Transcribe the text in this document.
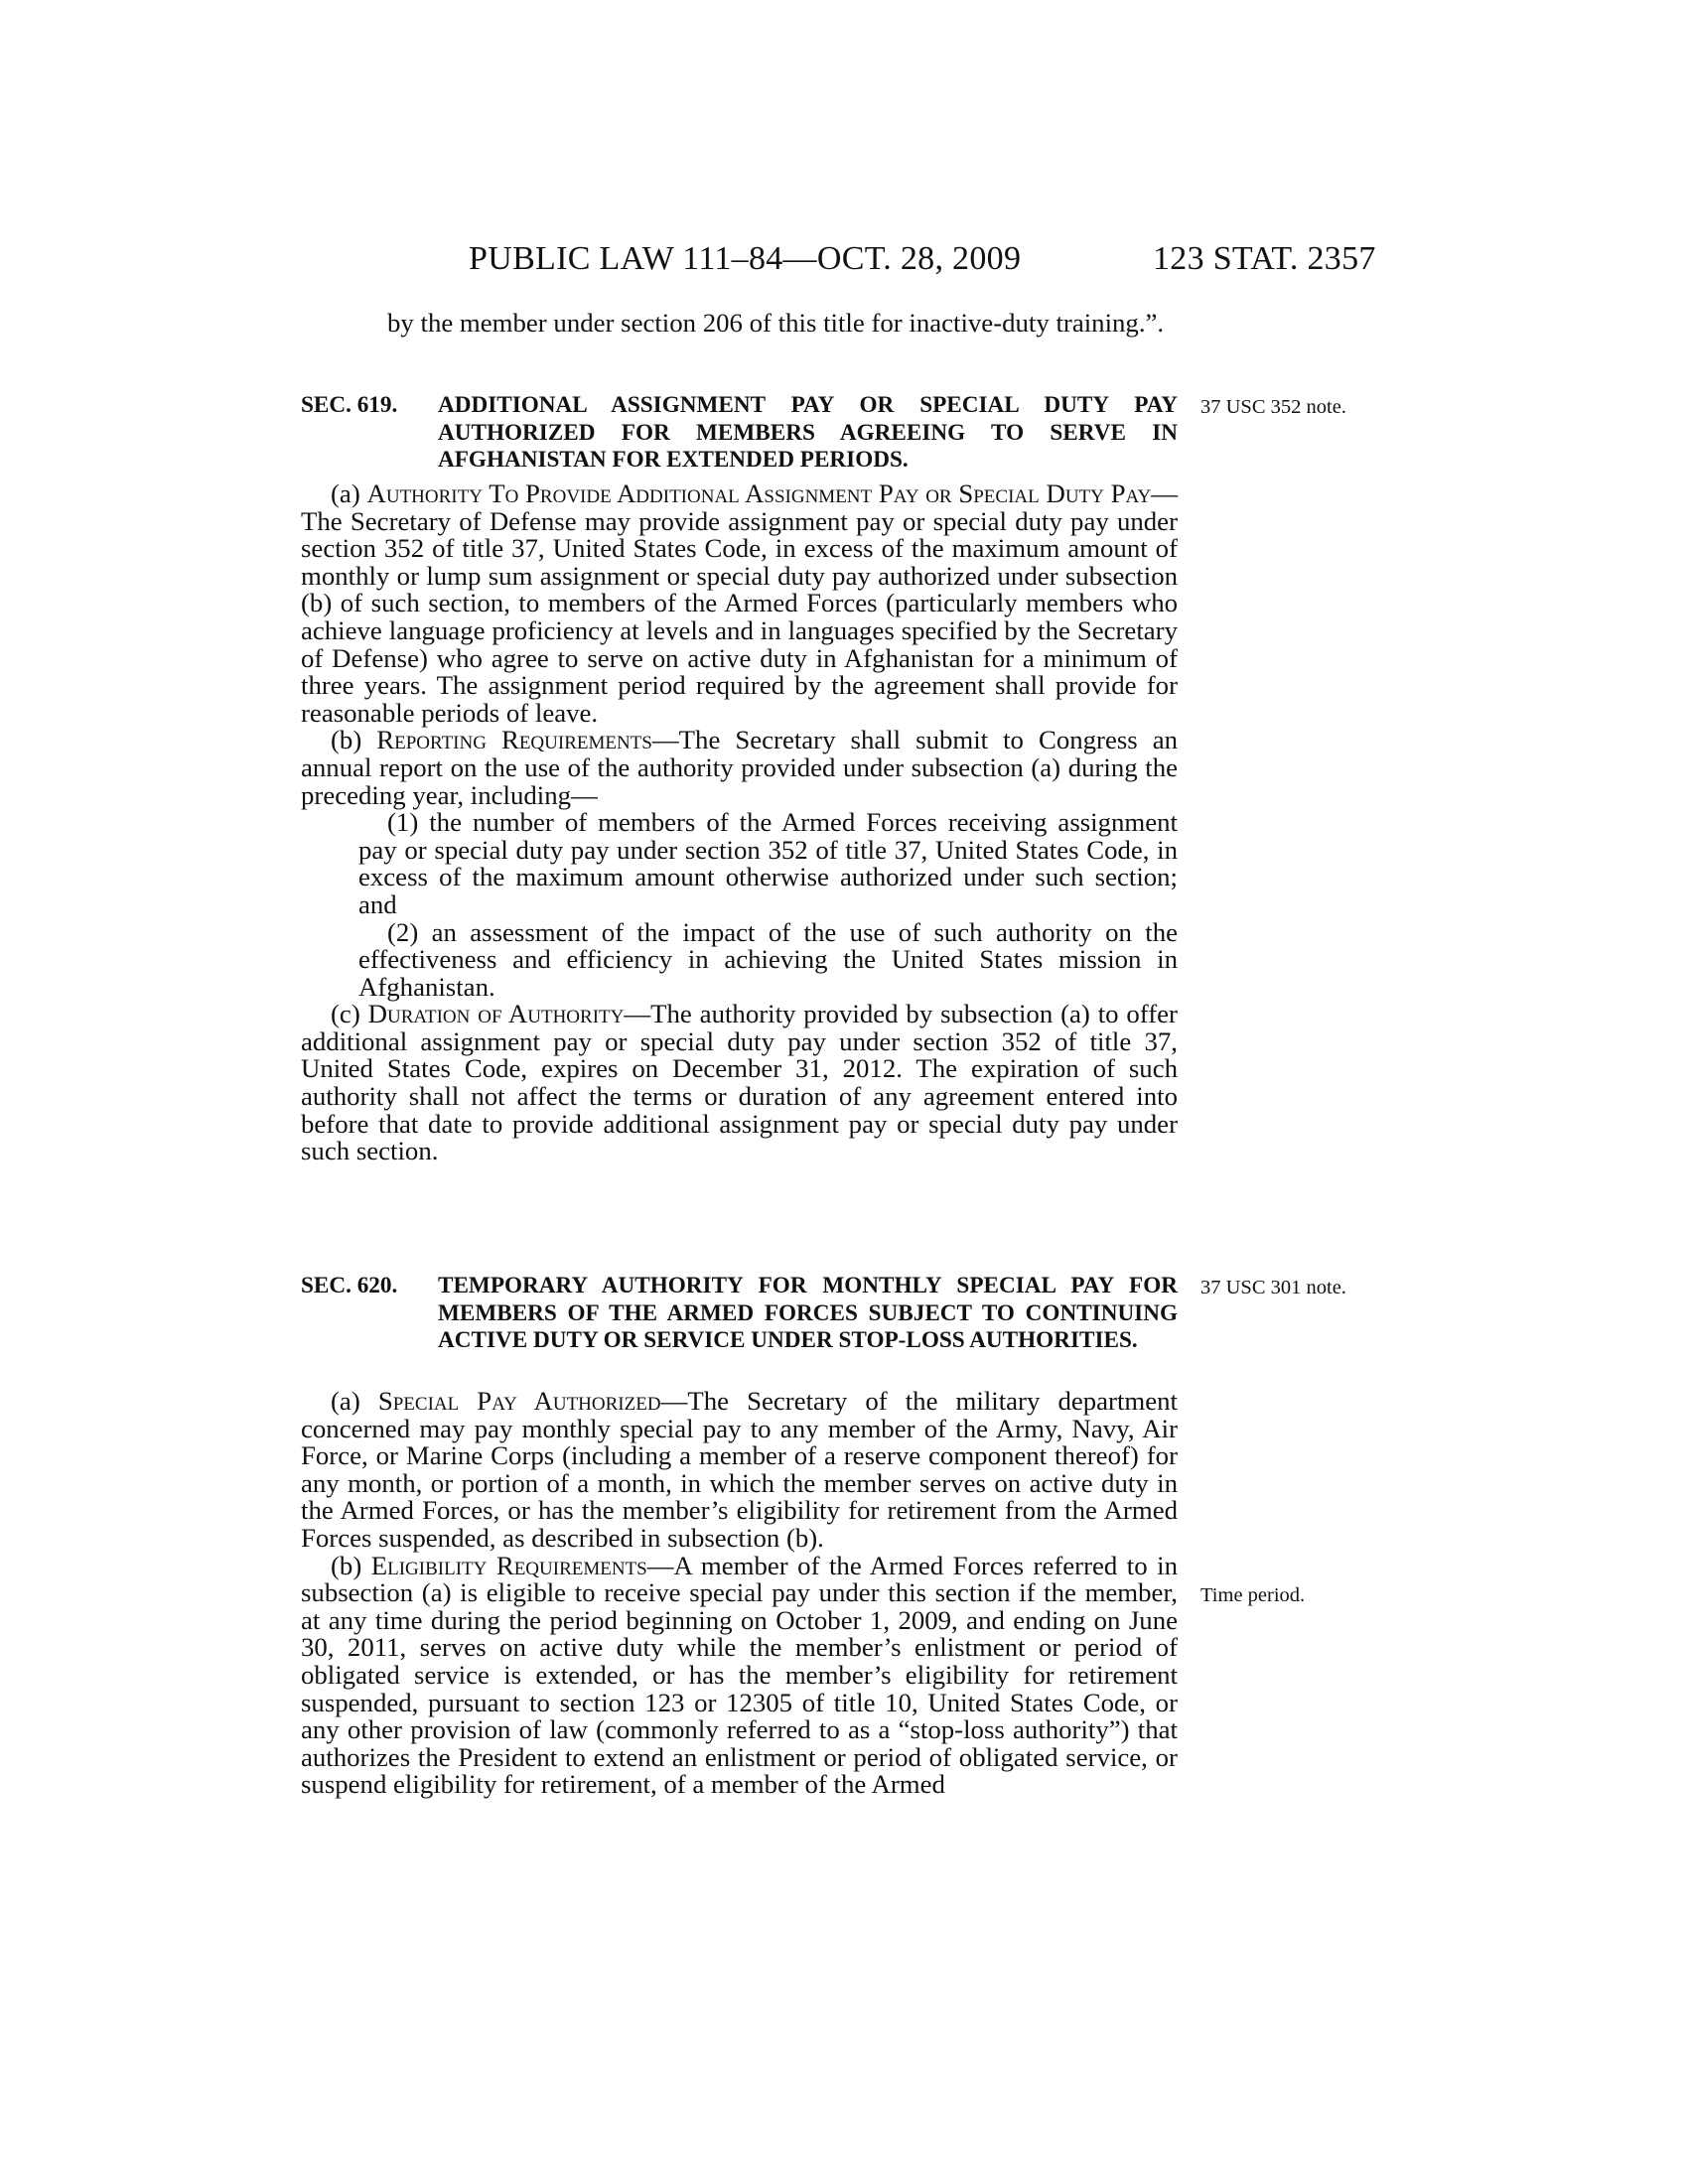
PUBLIC LAW 111–84—OCT. 28, 2009	123 STAT. 2357

by the member under section 206 of this title for inactive-duty training.”.

SEC. 619.	ADDITIONAL ASSIGNMENT PAY OR SPECIAL DUTY PAY AUTHORIZED FOR MEMBERS AGREEING TO SERVE IN AFGHANISTAN FOR EXTENDED PERIODS.
37 USC 352 note.

(a) Authority To Provide Additional Assignment Pay or Special Duty Pay—The Secretary of Defense may provide assignment pay or special duty pay under section 352 of title 37, United States Code, in excess of the maximum amount of monthly or lump sum assignment or special duty pay authorized under subsection (b) of such section, to members of the Armed Forces (particularly members who achieve language proficiency at levels and in languages specified by the Secretary of Defense) who agree to serve on active duty in Afghanistan for a minimum of three years. The assignment period required by the agreement shall provide for reasonable periods of leave.

(b) Reporting Requirements—The Secretary shall submit to Congress an annual report on the use of the authority provided under subsection (a) during the preceding year, including—

(1) the number of members of the Armed Forces receiving assignment pay or special duty pay under section 352 of title 37, United States Code, in excess of the maximum amount otherwise authorized under such section; and

(2) an assessment of the impact of the use of such authority on the effectiveness and efficiency in achieving the United States mission in Afghanistan.

(c) Duration of Authority—The authority provided by subsection (a) to offer additional assignment pay or special duty pay under section 352 of title 37, United States Code, expires on December 31, 2012. The expiration of such authority shall not affect the terms or duration of any agreement entered into before that date to provide additional assignment pay or special duty pay under such section.

SEC. 620.	TEMPORARY AUTHORITY FOR MONTHLY SPECIAL PAY FOR MEMBERS OF THE ARMED FORCES SUBJECT TO CONTINUING ACTIVE DUTY OR SERVICE UNDER STOP-LOSS AUTHORITIES.
37 USC 301 note.

(a) Special Pay Authorized—The Secretary of the military department concerned may pay monthly special pay to any member of the Army, Navy, Air Force, or Marine Corps (including a member of a reserve component thereof) for any month, or portion of a month, in which the member serves on active duty in the Armed Forces, or has the member’s eligibility for retirement from the Armed Forces suspended, as described in subsection (b).

(b) Eligibility Requirements—A member of the Armed Forces referred to in subsection (a) is eligible to receive special pay under this section if the member, at any time during the period beginning on October 1, 2009, and ending on June 30, 2011, serves on active duty while the member’s enlistment or period of obligated service is extended, or has the member’s eligibility for retirement suspended, pursuant to section 123 or 12305 of title 10, United States Code, or any other provision of law (commonly referred to as a “stop-loss authority”) that authorizes the President to extend an enlistment or period of obligated service, or suspend eligibility for retirement, of a member of the Armed

Time period.
